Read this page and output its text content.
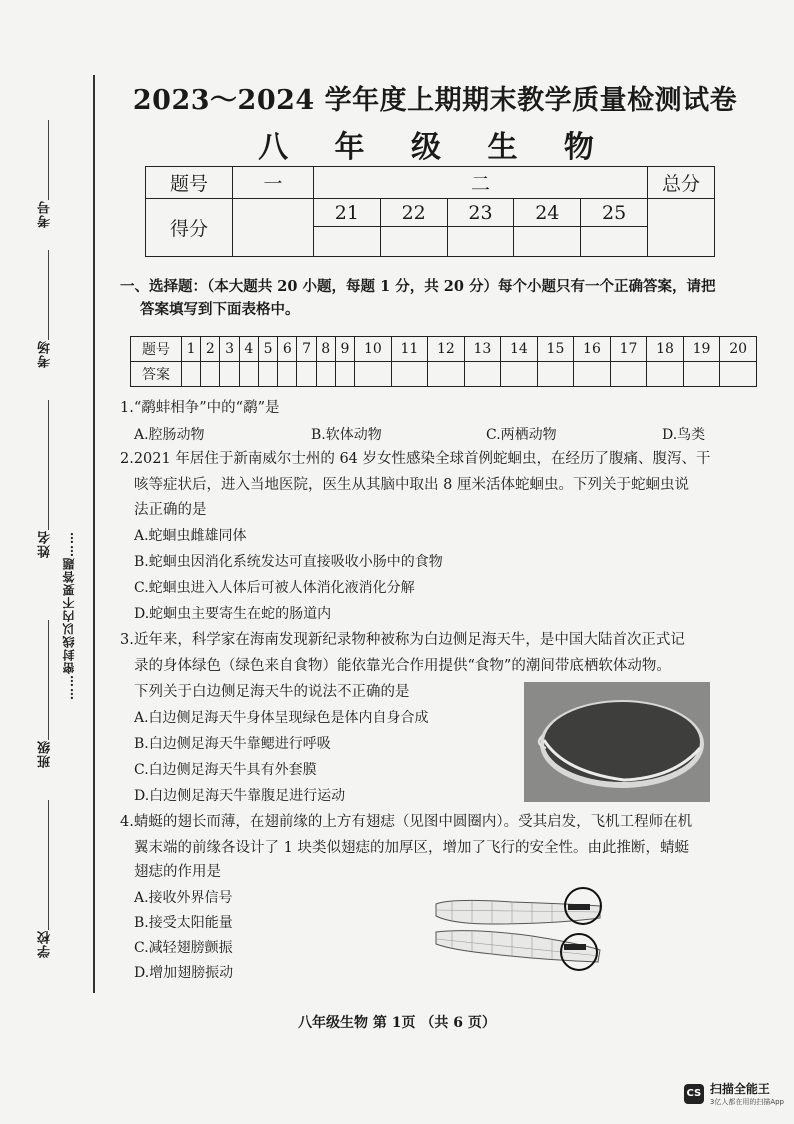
考号
考场
姓名 ……密封线以内不要答题……
班级
学校
2023～2024 学年度上期期末教学质量检测试卷
八 年 级 生 物
题号	一	二					总分
得分		21	22	23	24	25	

一、选择题：（本大题共 20 小题，每题 1 分，共 20 分）每个小题只有一个正确答案，请把
答案填写到下面表格中。
题号	1	2	3	4	5	6	7	8	9	10	11	12	13	14	15	16	17	18	19	20
答案																				
1.“鹬蚌相争”中的“鹬”是
A.腔肠动物	B.软体动物	C.两栖动物	D.鸟类
2.2021 年居住于新南威尔士州的 64 岁女性感染全球首例蛇蛔虫，在经历了腹痛、腹泻、干
咳等症状后，进入当地医院，医生从其脑中取出 8 厘米活体蛇蛔虫。下列关于蛇蛔虫说
法正确的是
A.蛇蛔虫雌雄同体
B.蛇蛔虫因消化系统发达可直接吸收小肠中的食物
C.蛇蛔虫进入人体后可被人体消化液消化分解
D.蛇蛔虫主要寄生在蛇的肠道内
3.近年来，科学家在海南发现新纪录物种被称为白边侧足海天牛，是中国大陆首次正式记
录的身体绿色（绿色来自食物）能依靠光合作用提供“食物”的潮间带底栖软体动物。
下列关于白边侧足海天牛的说法不正确的是
A.白边侧足海天牛身体呈现绿色是体内自身合成
B.白边侧足海天牛靠鳃进行呼吸
C.白边侧足海天牛具有外套膜
D.白边侧足海天牛靠腹足进行运动
4.蜻蜓的翅长而薄，在翅前缘的上方有翅痣（见图中圆圈内）。受其启发，飞机工程师在机
翼末端的前缘各设计了 1 块类似翅痣的加厚区，增加了飞行的安全性。由此推断，蜻蜓
翅痣的作用是
A.接收外界信号
B.接受太阳能量
C.减轻翅膀颤振
D.增加翅膀振动
八年级生物 第 1页 （共 6 页）
CS 扫描全能王
3亿人都在用的扫描App
